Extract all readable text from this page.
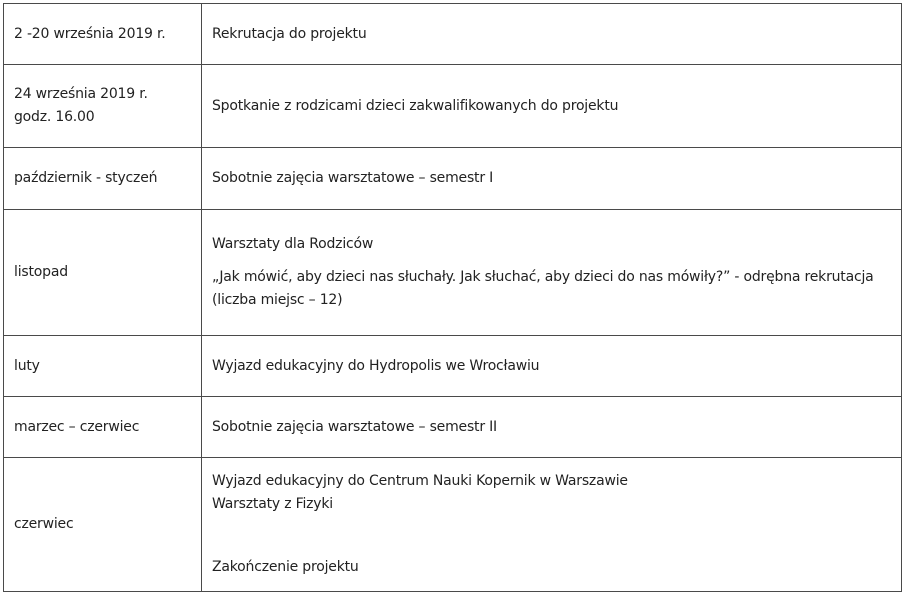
2 -20 września 2019 r.	Rekrutacja do projektu

24 września 2019 r.
godz. 16.00	Spotkanie z rodzicami dzieci zakwalifikowanych do projektu

październik - styczeń	Sobotnie zajęcia warsztatowe – semestr I

listopad	Warsztaty dla Rodziców
„Jak mówić, aby dzieci nas słuchały. Jak słuchać, aby dzieci do nas mówiły?” - odrębna rekrutacja
(liczba miejsc – 12)

luty	Wyjazd edukacyjny do Hydropolis we Wrocławiu

marzec – czerwiec	Sobotnie zajęcia warsztatowe – semestr II

czerwiec	Wyjazd edukacyjny do Centrum Nauki Kopernik w Warszawie
Warsztaty z Fizyki
Zakończenie projektu
